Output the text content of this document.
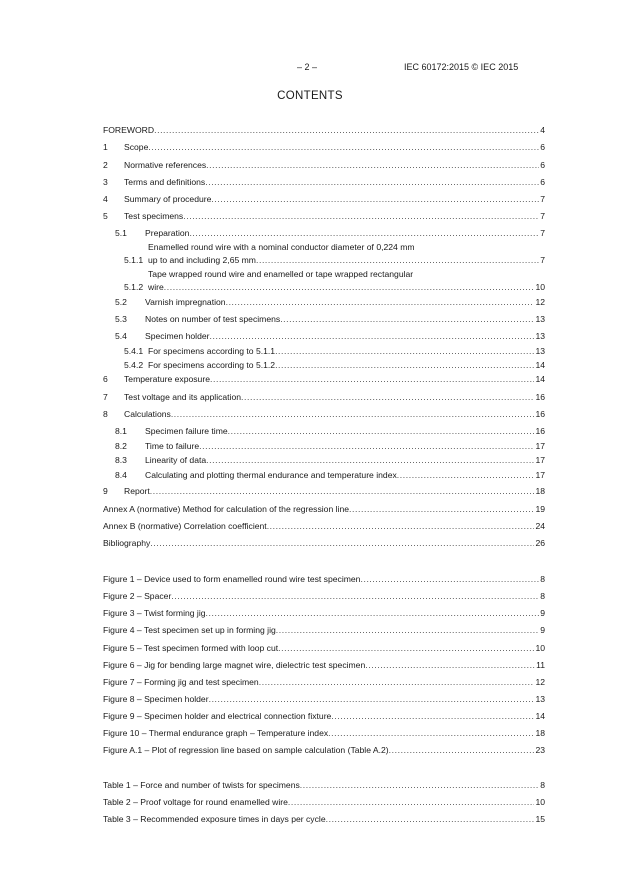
– 2 –	IEC 60172:2015 © IEC 2015
CONTENTS
FOREWORD .....	4
1 Scope .....	6
2 Normative references .....	6
3 Terms and definitions .....	6
4 Summary of procedure .....	7
5 Test specimens .....	7
5.1 Preparation .....	7
5.1.1
Enamelled round wire with a nominal conductor diameter of 0,224 mm
up to and including 2,65 mm .....	7
5.1.2
Tape wrapped round wire and enamelled or tape wrapped rectangular
wire .....	10
5.2 Varnish impregnation .....	12
5.3 Notes on number of test specimens .....	13
5.4 Specimen holder .....	13
5.4.1 For specimens according to 5.1.1 .....	13
5.4.2 For specimens according to 5.1.2 .....	14
6 Temperature exposure .....	14
7 Test voltage and its application .....	16
8 Calculations .....	16
8.1 Specimen failure time .....	16
8.2 Time to failure .....	17
8.3 Linearity of data .....	17
8.4 Calculating and plotting thermal endurance and temperature index .....	17
9 Report .....	18
Annex A (normative) Method for calculation of the regression line .....	19
Annex B (normative) Correlation coefficient .....	24
Bibliography .....	26
Figure 1 – Device used to form enamelled round wire test specimen .....	8
Figure 2 – Spacer .....	8
Figure 3 – Twist forming jig .....	9
Figure 4 – Test specimen set up in forming jig .....	9
Figure 5 – Test specimen formed with loop cut .....	10
Figure 6 – Jig for bending large magnet wire, dielectric test specimen .....	11
Figure 7 – Forming jig and test specimen .....	12
Figure 8 – Specimen holder .....	13
Figure 9 – Specimen holder and electrical connection fixture .....	14
Figure 10 – Thermal endurance graph – Temperature index .....	18
Figure A.1 – Plot of regression line based on sample calculation (Table A.2) .....	23
Table 1 – Force and number of twists for specimens .....	8
Table 2 – Proof voltage for round enamelled wire .....	10
Table 3 – Recommended exposure times in days per cycle .....	15
